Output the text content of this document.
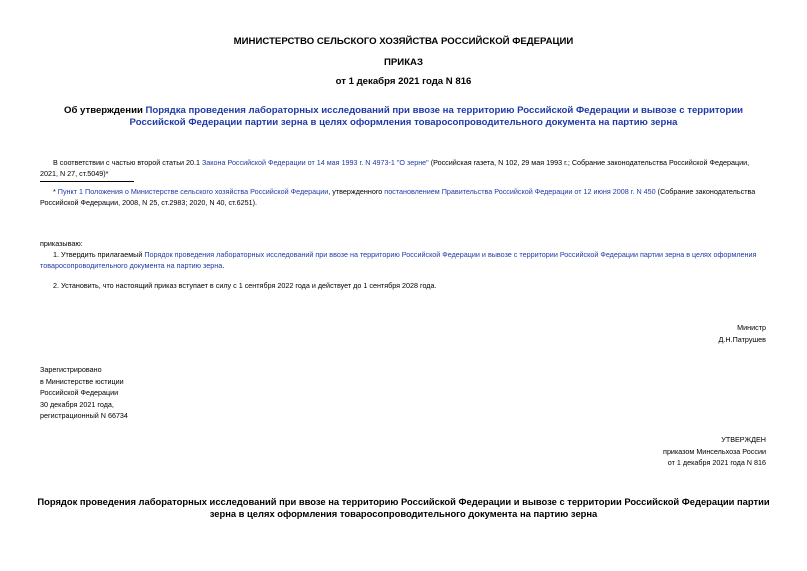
МИНИСТЕРСТВО СЕЛЬСКОГО ХОЗЯЙСТВА РОССИЙСКОЙ ФЕДЕРАЦИИ
ПРИКАЗ
от 1 декабря 2021 года N 816
Об утверждении Порядка проведения лабораторных исследований при ввозе на территорию Российской Федерации и вывозе с территории Российской Федерации партии зерна в целях оформления товаросопроводительного документа на партию зерна
В соответствии с частью второй статьи 20.1 Закона Российской Федерации от 14 мая 1993 г. N 4973-1 "О зерне" (Российская газета, N 102, 29 мая 1993 г.; Собрание законодательства Российской Федерации, 2021, N 27, ст.5049)*
* Пункт 1 Положения о Министерстве сельского хозяйства Российской Федерации, утвержденного постановлением Правительства Российской Федерации от 12 июня 2008 г. N 450 (Собрание законодательства Российской Федерации, 2008, N 25, ст.2983; 2020, N 40, ст.6251).
приказываю:
1. Утвердить прилагаемый Порядок проведения лабораторных исследований при ввозе на территорию Российской Федерации и вывозе с территории Российской Федерации партии зерна в целях оформления товаросопроводительного документа на партию зерна.
2. Установить, что настоящий приказ вступает в силу с 1 сентября 2022 года и действует до 1 сентября 2028 года.
Министр
Д.Н.Патрушев
Зарегистрировано
в Министерстве юстиции
Российской Федерации
30 декабря 2021 года,
регистрационный N 66734
УТВЕРЖДЕН
приказом Минсельхоза России
от 1 декабря 2021 года N 816
Порядок проведения лабораторных исследований при ввозе на территорию Российской Федерации и вывозе с территории Российской Федерации партии зерна в целях оформления товаросопроводительного документа на партию зерна
